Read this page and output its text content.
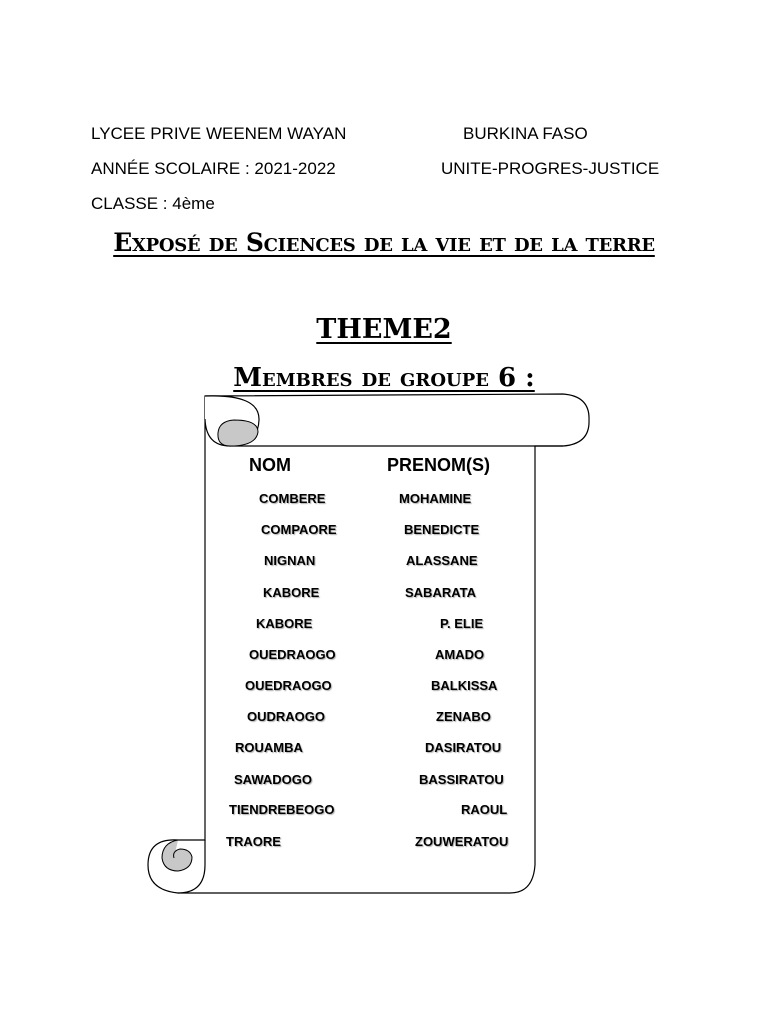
LYCEE PRIVE WEENEM WAYAN	BURKINA FASO
ANNÉE SCOLAIRE : 2021-2022	UNITE-PROGRES-JUSTICE
CLASSE : 4ème
Exposé de Sciences de la vie et de la terre
THEME2
Membres de groupe 6 :
NOM	PRENOM(S)
COMBERE	MOHAMINE
COMPAORE	BENEDICTE
NIGNAN	ALASSANE
KABORE	SABARATA
KABORE	P. ELIE
OUEDRAOGO	AMADO
OUEDRAOGO	BALKISSA
OUDRAOGO	ZENABO
ROUAMBA	DASIRATOU
SAWADOGO	BASSIRATOU
TIENDREBEOGO	RAOUL
TRAORE	ZOUWERATOU
